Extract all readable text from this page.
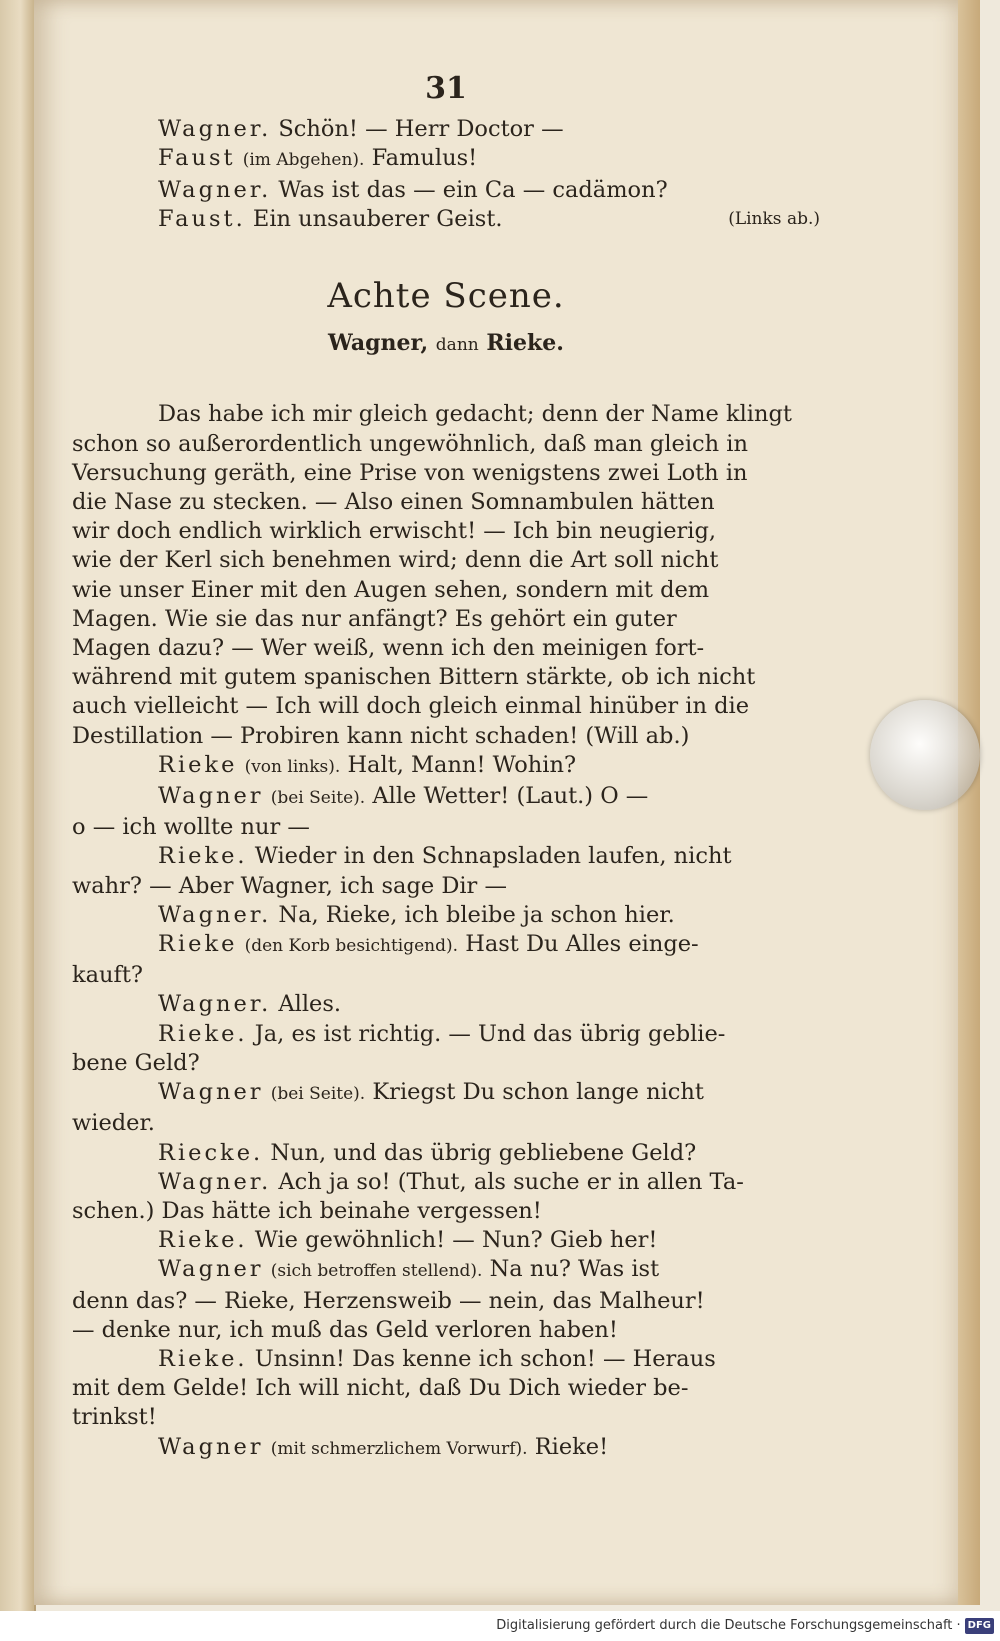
31
Wagner. Schön! — Herr Doctor —
Faust (im Abgehen). Famulus!
Wagner. Was ist das — ein Ca — cadämon?
Faust. Ein unsauberer Geist.	(Links ab.)
Achte Scene.
Wagner, dann Rieke.
Das habe ich mir gleich gedacht; denn der Name klingt
schon so außerordentlich ungewöhnlich, daß man gleich in
Versuchung geräth, eine Prise von wenigstens zwei Loth in
die Nase zu stecken. — Also einen Somnambulen hätten
wir doch endlich wirklich erwischt! — Ich bin neugierig,
wie der Kerl sich benehmen wird; denn die Art soll nicht
wie unser Einer mit den Augen sehen, sondern mit dem
Magen. Wie sie das nur anfängt? Es gehört ein guter
Magen dazu? — Wer weiß, wenn ich den meinigen fort-
während mit gutem spanischen Bittern stärkte, ob ich nicht
auch vielleicht — Ich will doch gleich einmal hinüber in die
Destillation — Probiren kann nicht schaden! (Will ab.)
Rieke (von links). Halt, Mann! Wohin?
Wagner (bei Seite). Alle Wetter! (Laut.) O —
o — ich wollte nur —
Rieke. Wieder in den Schnapsladen laufen, nicht
wahr? — Aber Wagner, ich sage Dir —
Wagner. Na, Rieke, ich bleibe ja schon hier.
Rieke (den Korb besichtigend). Hast Du Alles einge-
kauft?
Wagner. Alles.
Rieke. Ja, es ist richtig. — Und das übrig geblie-
bene Geld?
Wagner (bei Seite). Kriegst Du schon lange nicht
wieder.
Riecke. Nun, und das übrig gebliebene Geld?
Wagner. Ach ja so! (Thut, als suche er in allen Ta-
schen.) Das hätte ich beinahe vergessen!
Rieke. Wie gewöhnlich! — Nun? Gieb her!
Wagner (sich betroffen stellend). Na nu? Was ist
denn das? — Rieke, Herzensweib — nein, das Malheur!
— denke nur, ich muß das Geld verloren haben!
Rieke. Unsinn! Das kenne ich schon! — Heraus
mit dem Gelde! Ich will nicht, daß Du Dich wieder be-
trinkst!
Wagner (mit schmerzlichem Vorwurf). Rieke!
Digitalisierung gefördert durch die Deutsche Forschungsgemeinschaft · DFG
